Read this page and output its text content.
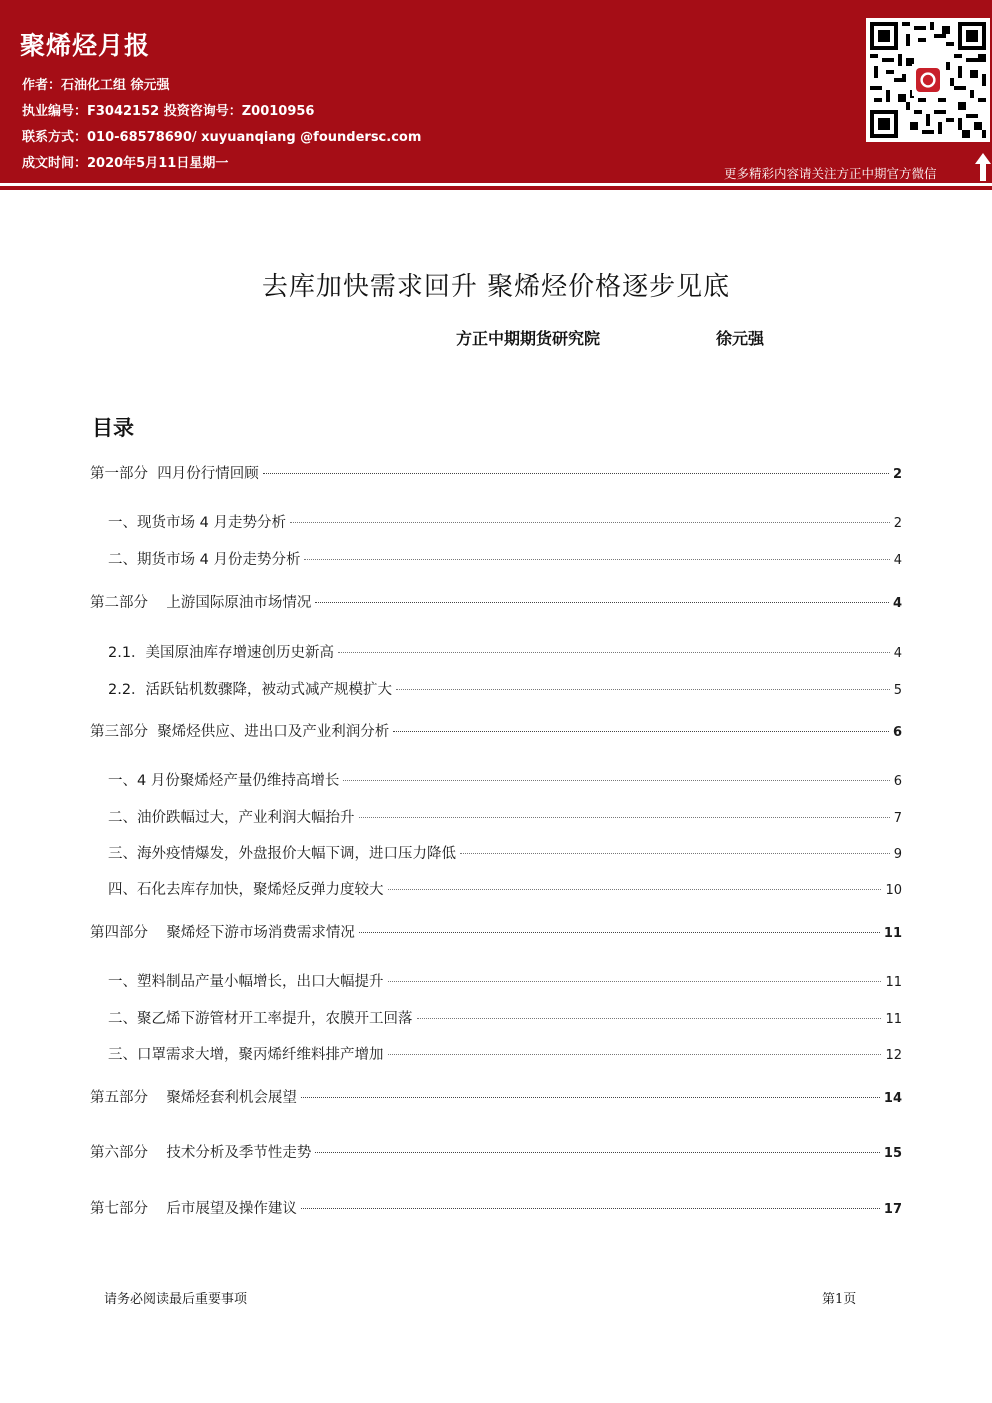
聚烯烃月报

作者：石油化工组 徐元强

执业编号：F3042152 投资咨询号：Z0010956

联系方式：010-68578690/ xuyuanqiang @foundersc.com

成文时间：2020年5月11日星期一

更多精彩内容请关注方正中期官方微信

去库加快需求回升 聚烯烃价格逐步见底

方正中期期货研究院	徐元强

目录
第一部分  四月份行情回顾	2
一、现货市场 4 月走势分析	2
二、期货市场 4 月份走势分析	4
第二部分    上游国际原油市场情况	4
2.1．美国原油库存增速创历史新高	4
2.2．活跃钻机数骤降，被动式减产规模扩大	5
第三部分  聚烯烃供应、进出口及产业利润分析	6
一、4 月份聚烯烃产量仍维持高增长	6
二、油价跌幅过大，产业利润大幅抬升	7
三、海外疫情爆发，外盘报价大幅下调，进口压力降低	9
四、石化去库存加快，聚烯烃反弹力度较大	10
第四部分    聚烯烃下游市场消费需求情况	11
一、塑料制品产量小幅增长，出口大幅提升	11
二、聚乙烯下游管材开工率提升，农膜开工回落	11
三、口罩需求大增，聚丙烯纤维料排产增加	12
第五部分    聚烯烃套利机会展望	14
第六部分    技术分析及季节性走势	15
第七部分    后市展望及操作建议	17

请务必阅读最后重要事项	第1页
